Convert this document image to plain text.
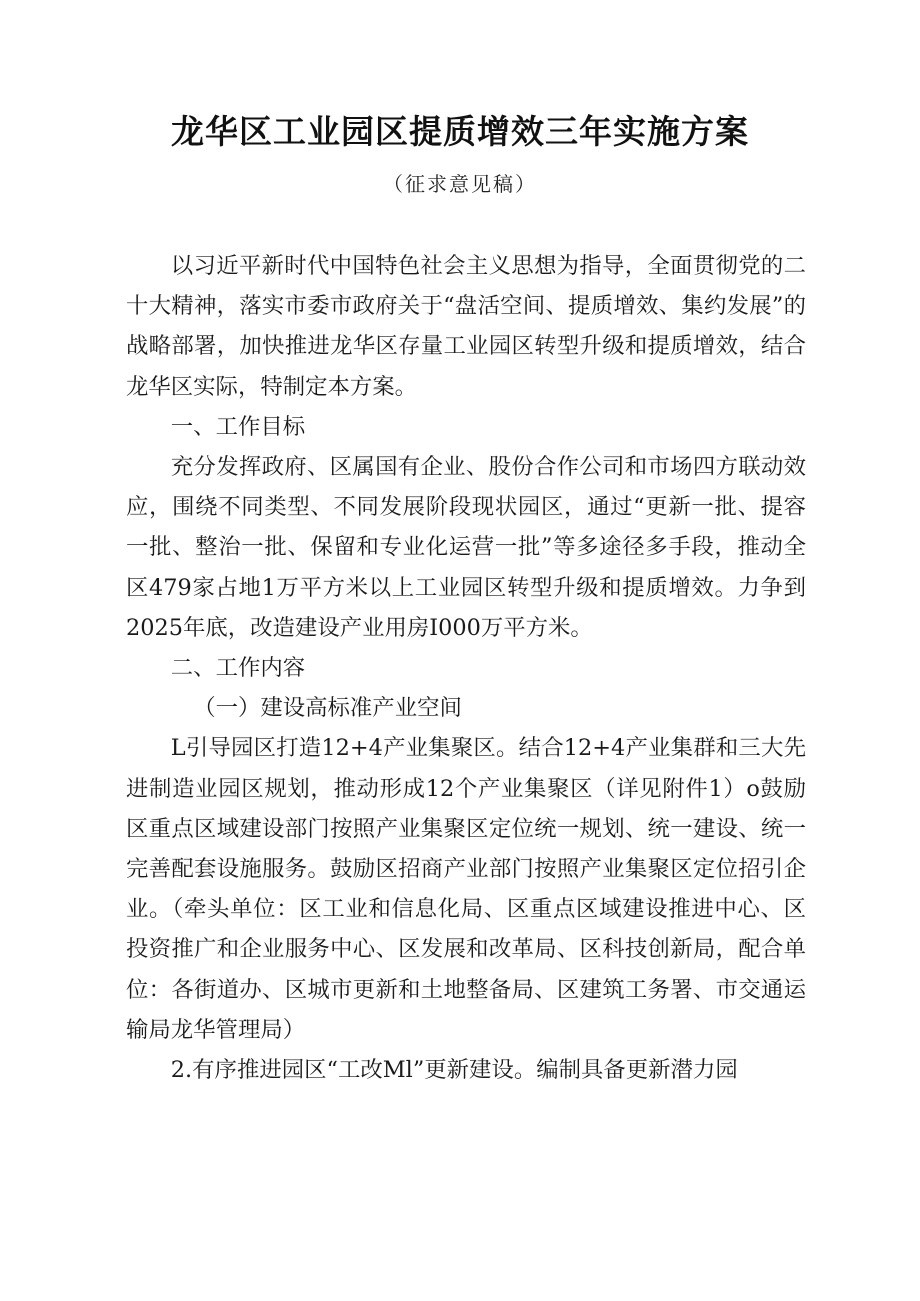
龙华区工业园区提质增效三年实施方案
（征求意见稿）

以习近平新时代中国特色社会主义思想为指导，全面贯彻党的二十大精神，落实市委市政府关于“盘活空间、提质增效、集约发展”的战略部署，加快推进龙华区存量工业园区转型升级和提质增效，结合龙华区实际，特制定本方案。

一、工作目标

充分发挥政府、区属国有企业、股份合作公司和市场四方联动效应，围绕不同类型、不同发展阶段现状园区，通过“更新一批、提容一批、整治一批、保留和专业化运营一批”等多途径多手段，推动全区479家占地1万平方米以上工业园区转型升级和提质增效。力争到2025年底，改造建设产业用房I000万平方米。

二、工作内容

（一）建设高标准产业空间

L引导园区打造12+4产业集聚区。结合12+4产业集群和三大先进制造业园区规划，推动形成12个产业集聚区（详见附件1）o鼓励区重点区域建设部门按照产业集聚区定位统一规划、统一建设、统一完善配套设施服务。鼓励区招商产业部门按照产业集聚区定位招引企业。（牵头单位：区工业和信息化局、区重点区域建设推进中心、区投资推广和企业服务中心、区发展和改革局、区科技创新局，配合单位：各街道办、区城市更新和土地整备局、区建筑工务署、市交通运输局龙华管理局）

2.有序推进园区“工改Ml”更新建设。编制具备更新潜力园
